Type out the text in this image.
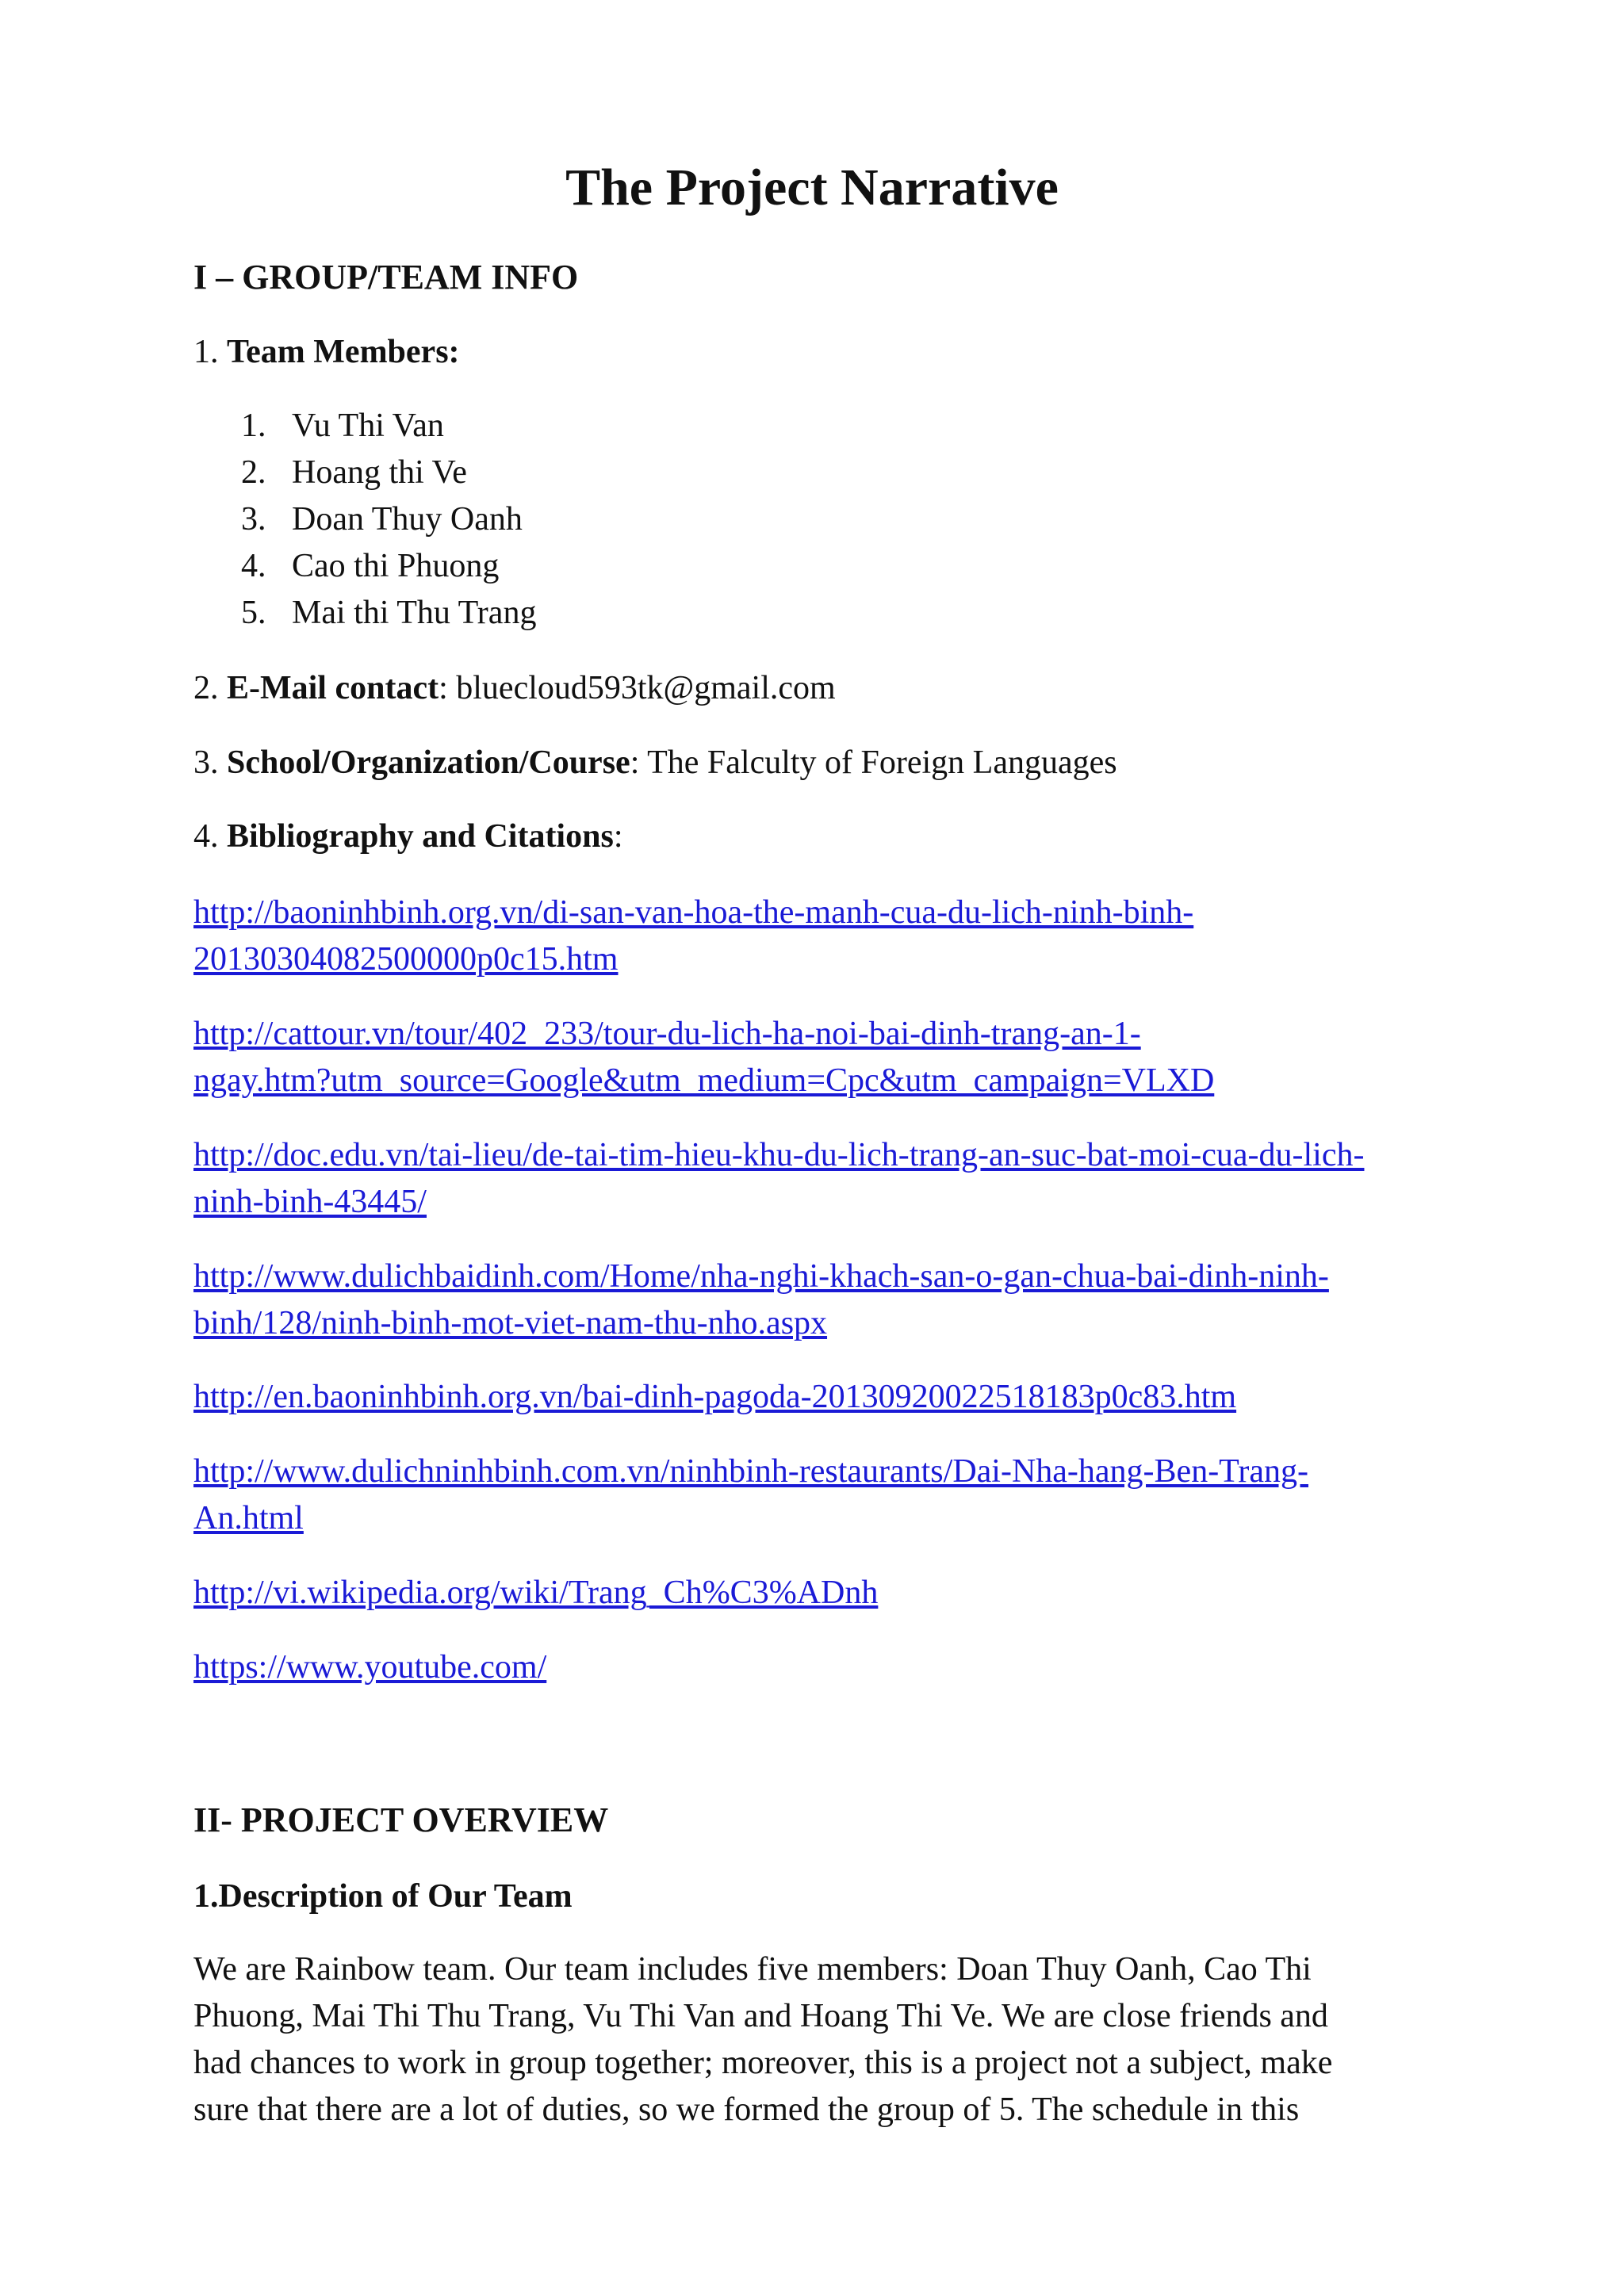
The Project Narrative
I – GROUP/TEAM INFO

1. Team Members:

1. Vu Thi Van
2. Hoang thi Ve
3. Doan Thuy Oanh
4. Cao thi Phuong
5. Mai thi Thu Trang

2. E-Mail contact: bluecloud593tk@gmail.com

3. School/Organization/Course: The Falculty of Foreign Languages

4. Bibliography and Citations:

http://baoninhbinh.org.vn/di-san-van-hoa-the-manh-cua-du-lich-ninh-binh-
20130304082500000p0c15.htm
http://cattour.vn/tour/402_233/tour-du-lich-ha-noi-bai-dinh-trang-an-1-
ngay.htm?utm_source=Google&utm_medium=Cpc&utm_campaign=VLXD
http://doc.edu.vn/tai-lieu/de-tai-tim-hieu-khu-du-lich-trang-an-suc-bat-moi-cua-du-lich-
ninh-binh-43445/
http://www.dulichbaidinh.com/Home/nha-nghi-khach-san-o-gan-chua-bai-dinh-ninh-
binh/128/ninh-binh-mot-viet-nam-thu-nho.aspx
http://en.baoninhbinh.org.vn/bai-dinh-pagoda-20130920022518183p0c83.htm
http://www.dulichninhbinh.com.vn/ninhbinh-restaurants/Dai-Nha-hang-Ben-Trang-
An.html
http://vi.wikipedia.org/wiki/Trang_Ch%C3%ADnh
https://www.youtube.com/
II- PROJECT OVERVIEW
1.Description of Our Team

We are Rainbow team. Our team includes five members: Doan Thuy Oanh, Cao Thi

Phuong, Mai Thi Thu Trang, Vu Thi Van and Hoang Thi Ve. We are close friends and

had chances to work in group together; moreover, this is a project not a subject, make

sure that there are a lot of duties, so we formed the group of 5. The schedule in this
